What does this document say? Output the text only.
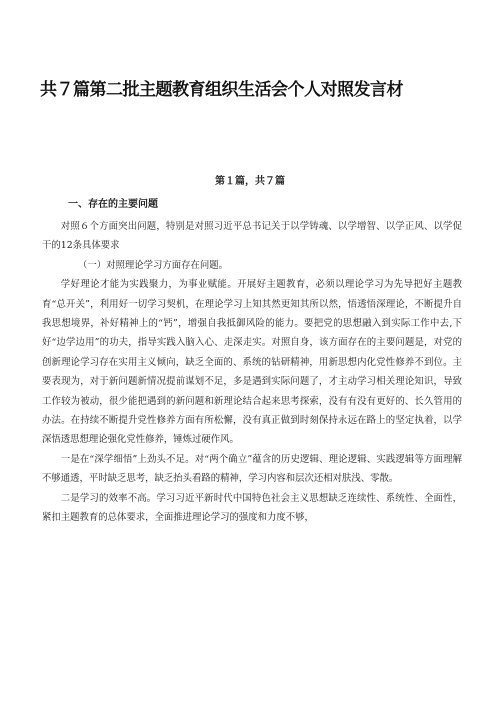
共７篇第二批主题教育组织生活会个人对照发言材
第１篇，共７篇
一、存在的主要问题

对照６个方面突出问题，特别是对照习近平总书记关于以学铸魂、以学增智、以学正风、以学促干的12条具体要求

（一）对照理论学习方面存在问题。

学好理论才能为实践聚力，为事业赋能。开展好主题教育，必须以理论学习为先导把好主题教育“总开关”，利用好一切学习契机，在理论学习上知其然更知其所以然，悟透悟深理论，不断提升自我思想境界，补好精神上的“钙”，增强自我抵御风险的能力。要把党的思想融入到实际工作中去,下好“边学边用”的功夫，指导实践入脑入心、走深走实。对照自身，该方面存在的主要问题是，对党的创新理论学习存在实用主义倾向，缺乏全面的、系统的钻研精神，用新思想内化党性修养不到位。主要表现为，对于新问题新情况提前谋划不足，多是遇到实际问题了，才主动学习相关理论知识，导致工作较为被动，很少能把遇到的新问题和新理论结合起来思考探索，没有有没有更好的、长久管用的办法。在持续不断提升党性修养方面有所松懈，没有真正做到时刻保持永远在路上的坚定执着，以学深悟透思想理论强化党性修养，锤炼过硬作风。

一是在“深学细悟”上劲头不足。对“两个确立”蕴含的历史逻辑、理论逻辑、实践逻辑等方面理解不够通透，平时缺乏思考，缺乏抬头看路的精神，学习内容和层次还相对肤浅、零散。

二是学习的效率不高。学习习近平新时代中国特色社会主义思想缺乏连续性、系统性、全面性，紧扣主题教育的总体要求，全面推进理论学习的强度和力度不够，
